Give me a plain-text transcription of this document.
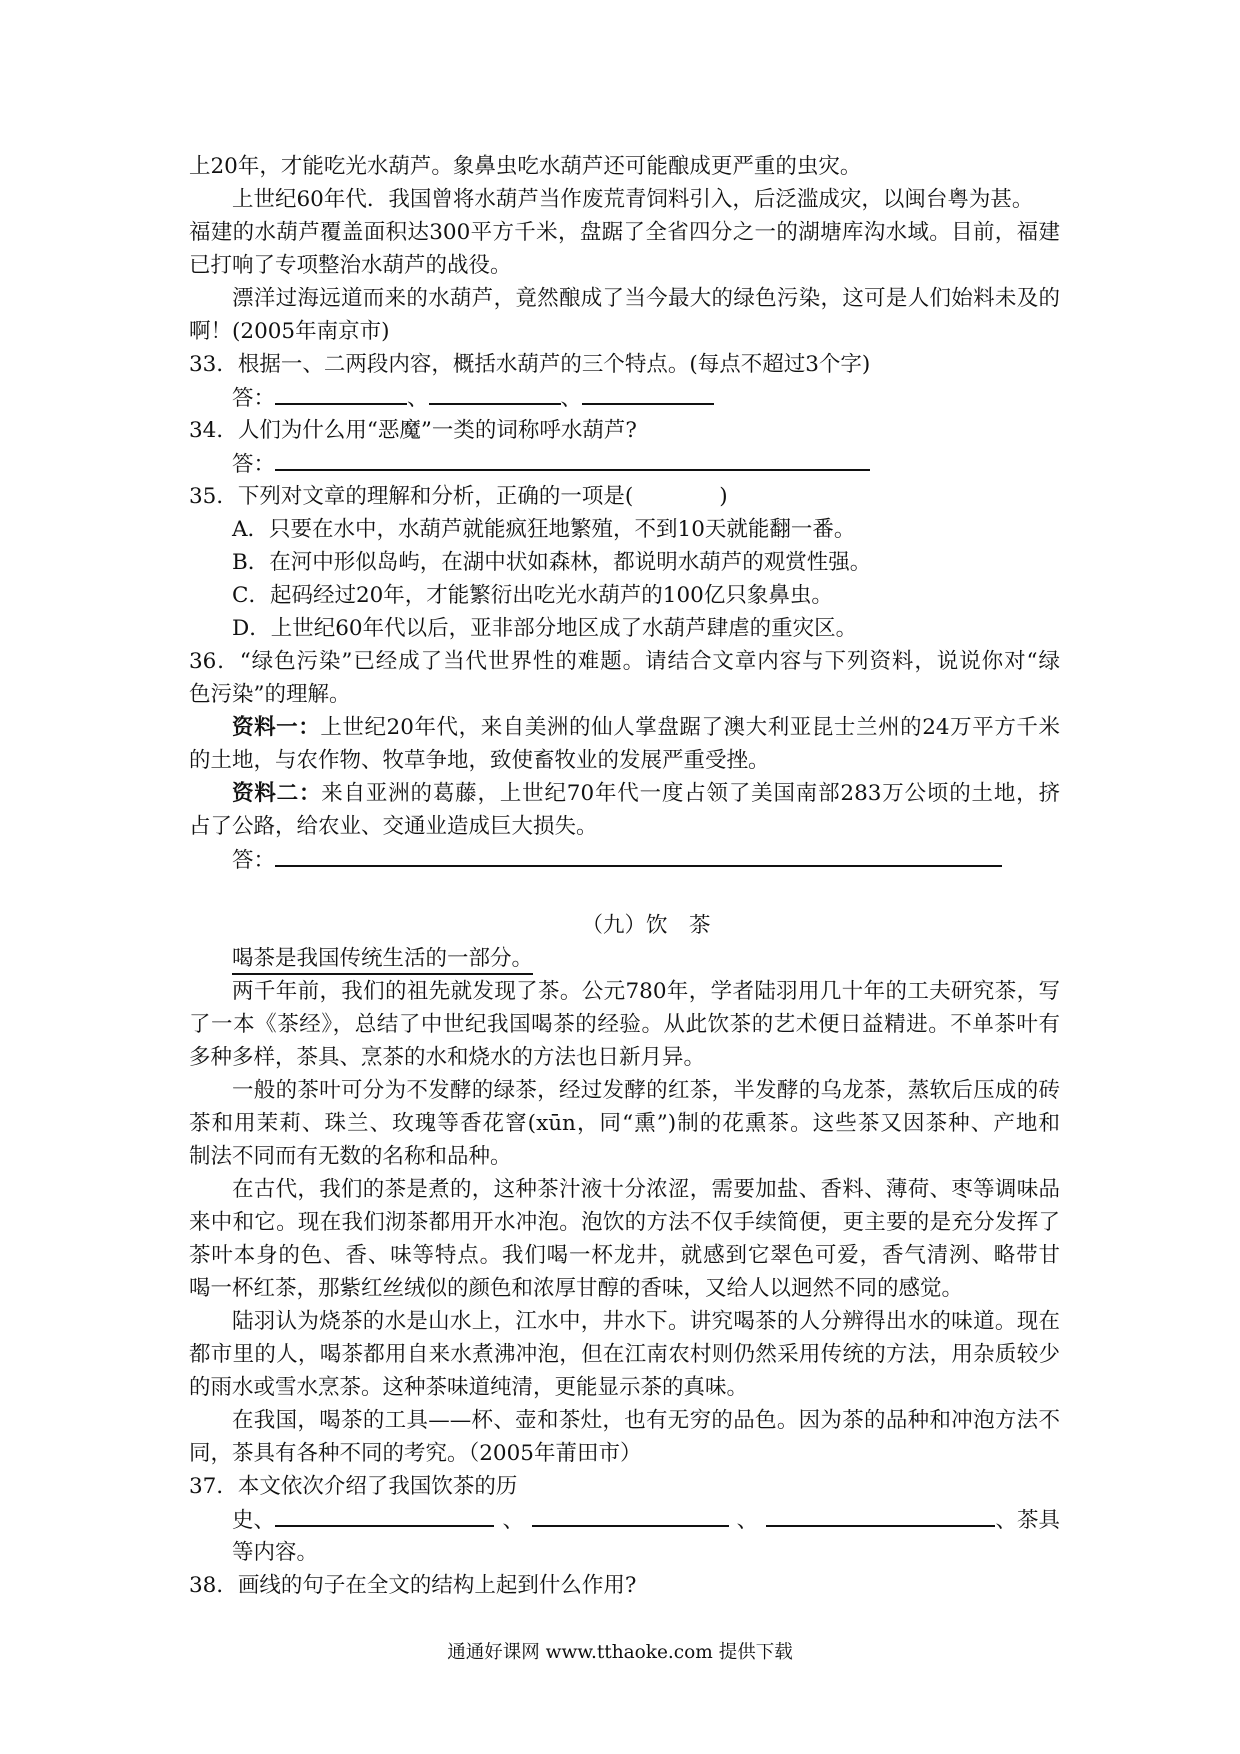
上20年，才能吃光水葫芦。象鼻虫吃水葫芦还可能酿成更严重的虫灾。
上世纪60年代．我国曾将水葫芦当作废荒青饲料引入，后泛滥成灾，以闽台粤为甚。
福建的水葫芦覆盖面积达300平方千米，盘踞了全省四分之一的湖塘库沟水域。目前，福建
已打响了专项整治水葫芦的战役。
漂洋过海远道而来的水葫芦，竟然酿成了当今最大的绿色污染，这可是人们始料未及的
啊！(2005年南京市)
33．根据一、二两段内容，概括水葫芦的三个特点。(每点不超过3个字)
答：	、	、
34．人们为什么用“恶魔”一类的词称呼水葫芦?
答：
35．下列对文章的理解和分析，正确的一项是(　　　　)
A．只要在水中，水葫芦就能疯狂地繁殖，不到10天就能翻一番。
B．在河中形似岛屿，在湖中状如森林，都说明水葫芦的观赏性强。
C．起码经过20年，才能繁衍出吃光水葫芦的100亿只象鼻虫。
D．上世纪60年代以后，亚非部分地区成了水葫芦肆虐的重灾区。
36．“绿色污染”已经成了当代世界性的难题。请结合文章内容与下列资料，说说你对“绿
色污染”的理解。
资料一：上世纪20年代，来自美洲的仙人掌盘踞了澳大利亚昆士兰州的24万平方千米
的土地，与农作物、牧草争地，致使畜牧业的发展严重受挫。
资料二：来自亚洲的葛藤，上世纪70年代一度占领了美国南部283万公顷的土地，挤
占了公路，给农业、交通业造成巨大损失。
答：
（九）饮　茶
喝茶是我国传统生活的一部分。
两千年前，我们的祖先就发现了茶。公元780年，学者陆羽用几十年的工夫研究茶，写
了一本《茶经》，总结了中世纪我国喝茶的经验。从此饮茶的艺术便日益精进。不单茶叶有
多种多样，茶具、烹茶的水和烧水的方法也日新月异。
一般的茶叶可分为不发酵的绿茶，经过发酵的红茶，半发酵的乌龙茶，蒸软后压成的砖
茶和用茉莉、珠兰、玫瑰等香花窨(xūn，同“熏”)制的花熏茶。这些茶又因茶种、产地和
制法不同而有无数的名称和品种。
在古代，我们的茶是煮的，这种茶汁液十分浓涩，需要加盐、香料、薄荷、枣等调味品
来中和它。现在我们沏茶都用开水冲泡。泡饮的方法不仅手续简便，更主要的是充分发挥了
茶叶本身的色、香、味等特点。我们喝一杯龙井，就感到它翠色可爱，香气清洌、略带甘
喝一杯红茶，那紫红丝绒似的颜色和浓厚甘醇的香味，又给人以迥然不同的感觉。
陆羽认为烧茶的水是山水上，江水中，井水下。讲究喝茶的人分辨得出水的味道。现在
都市里的人，喝茶都用自来水煮沸冲泡，但在江南农村则仍然采用传统的方法，用杂质较少
的雨水或雪水烹茶。这种茶味道纯清，更能显示茶的真味。
在我国，喝茶的工具——杯、壶和茶灶，也有无穷的品色。因为茶的品种和冲泡方法不
同，茶具有各种不同的考究。（2005年莆田市）
37．本文依次介绍了我国饮茶的历
史、	、	、	、茶具
等内容。
38．画线的句子在全文的结构上起到什么作用?
通通好课网 www.tthaoke.com 提供下载
